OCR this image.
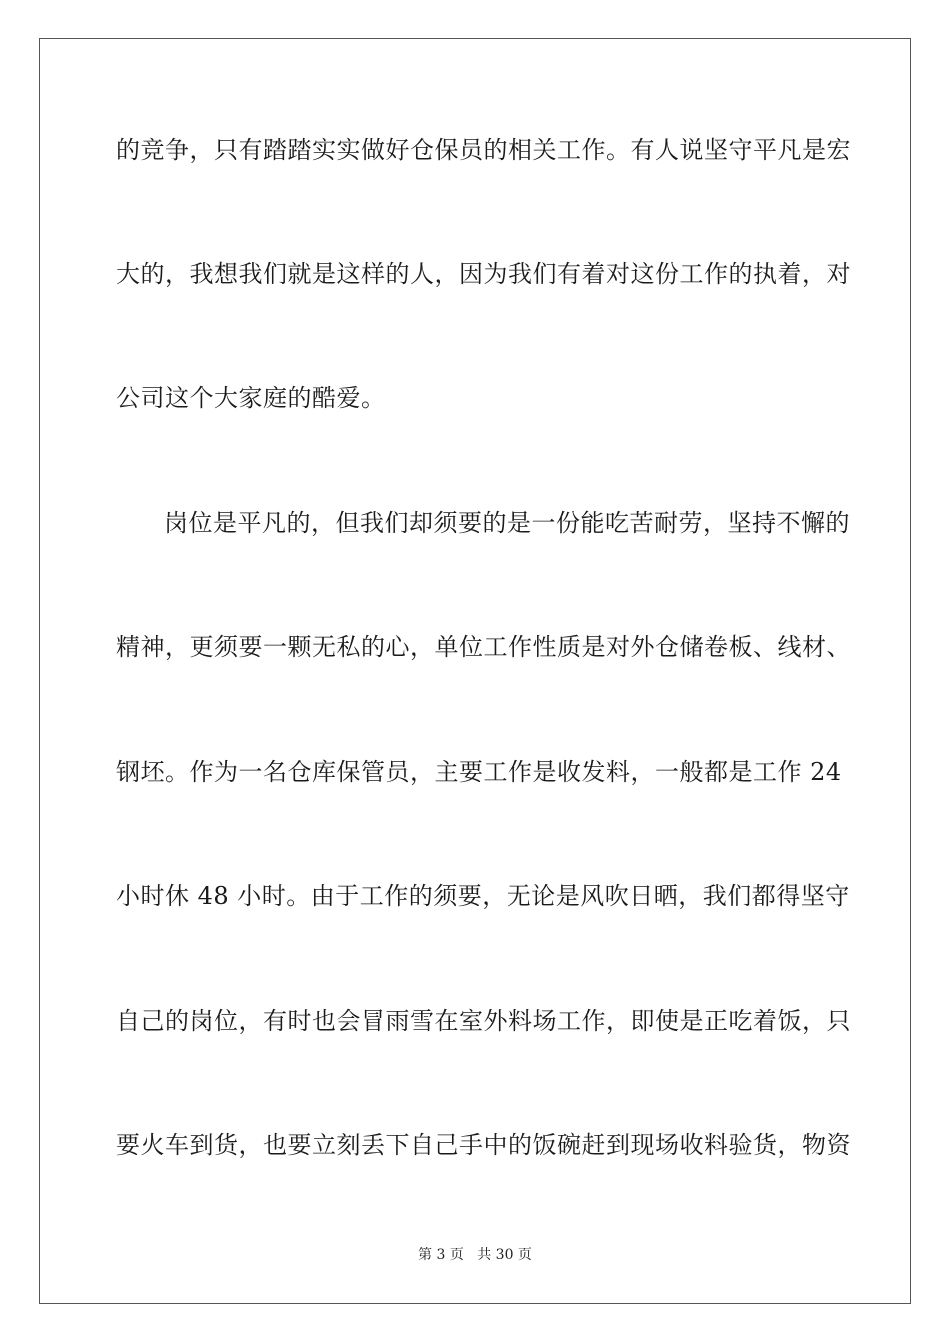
的竞争，只有踏踏实实做好仓保员的相关工作。有人说坚守平凡是宏
大的，我想我们就是这样的人，因为我们有着对这份工作的执着，对
公司这个大家庭的酷爱。
岗位是平凡的，但我们却须要的是一份能吃苦耐劳，坚持不懈的
精神，更须要一颗无私的心，单位工作性质是对外仓储卷板、线材、
钢坯。作为一名仓库保管员，主要工作是收发料，一般都是工作 24
小时休 48 小时。由于工作的须要，无论是风吹日晒，我们都得坚守
自己的岗位，有时也会冒雨雪在室外料场工作，即使是正吃着饭，只
要火车到货，也要立刻丢下自己手中的饭碗赶到现场收料验货，物资
第 3 页 共 30 页
